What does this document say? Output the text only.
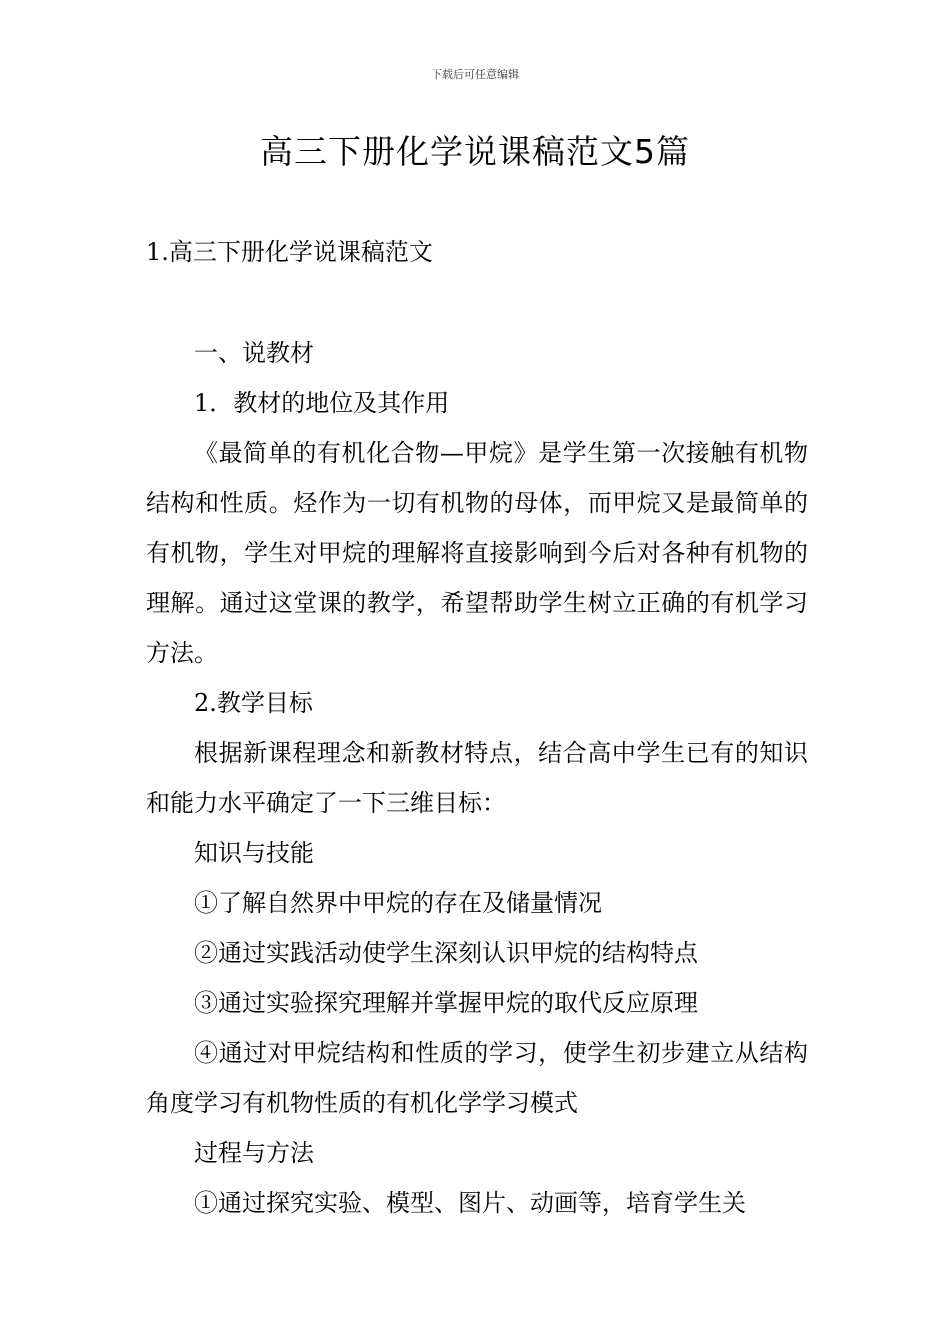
下载后可任意编辑
高三下册化学说课稿范文5篇
1.高三下册化学说课稿范文

一、说教材

1．教材的地位及其作用

《最简单的有机化合物—甲烷》是学生第一次接触有机物结构和性质。烃作为一切有机物的母体，而甲烷又是最简单的有机物，学生对甲烷的理解将直接影响到今后对各种有机物的理解。通过这堂课的教学，希望帮助学生树立正确的有机学习方法。

2.教学目标

根据新课程理念和新教材特点，结合高中学生已有的知识和能力水平确定了一下三维目标：

知识与技能

①了解自然界中甲烷的存在及储量情况

②通过实践活动使学生深刻认识甲烷的结构特点

③通过实验探究理解并掌握甲烷的取代反应原理

④通过对甲烷结构和性质的学习，使学生初步建立从结构角度学习有机物性质的有机化学学习模式

过程与方法

①通过探究实验、模型、图片、动画等，培育学生关
